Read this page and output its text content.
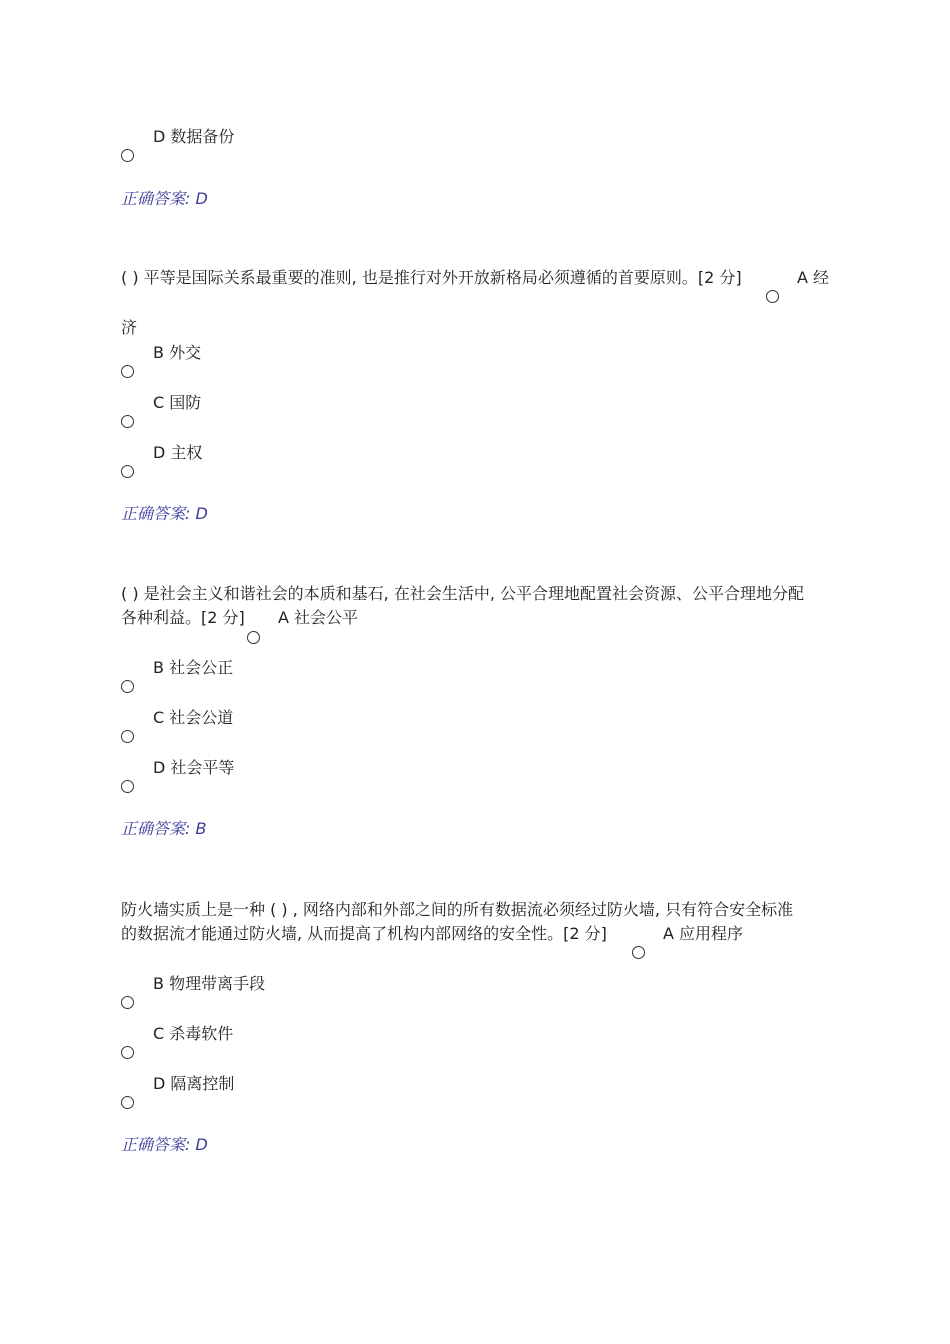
D 数据备份
正确答案: D
( ) 平等是国际关系最重要的准则, 也是推行对外开放新格局必须遵循的首要原则。[2 分]	A 经
济
B 外交
C 国防
D 主权
正确答案: D
( ) 是社会主义和谐社会的本质和基石, 在社会生活中, 公平合理地配置社会资源、公平合理地分配
各种利益。[2 分]	A 社会公平
B 社会公正
C 社会公道
D 社会平等
正确答案: B
防火墙实质上是一种 ( ) , 网络内部和外部之间的所有数据流必须经过防火墙, 只有符合安全标准
的数据流才能通过防火墙, 从而提高了机构内部网络的安全性。[2 分]	A 应用程序
B 物理带离手段
C 杀毒软件
D 隔离控制
正确答案: D
